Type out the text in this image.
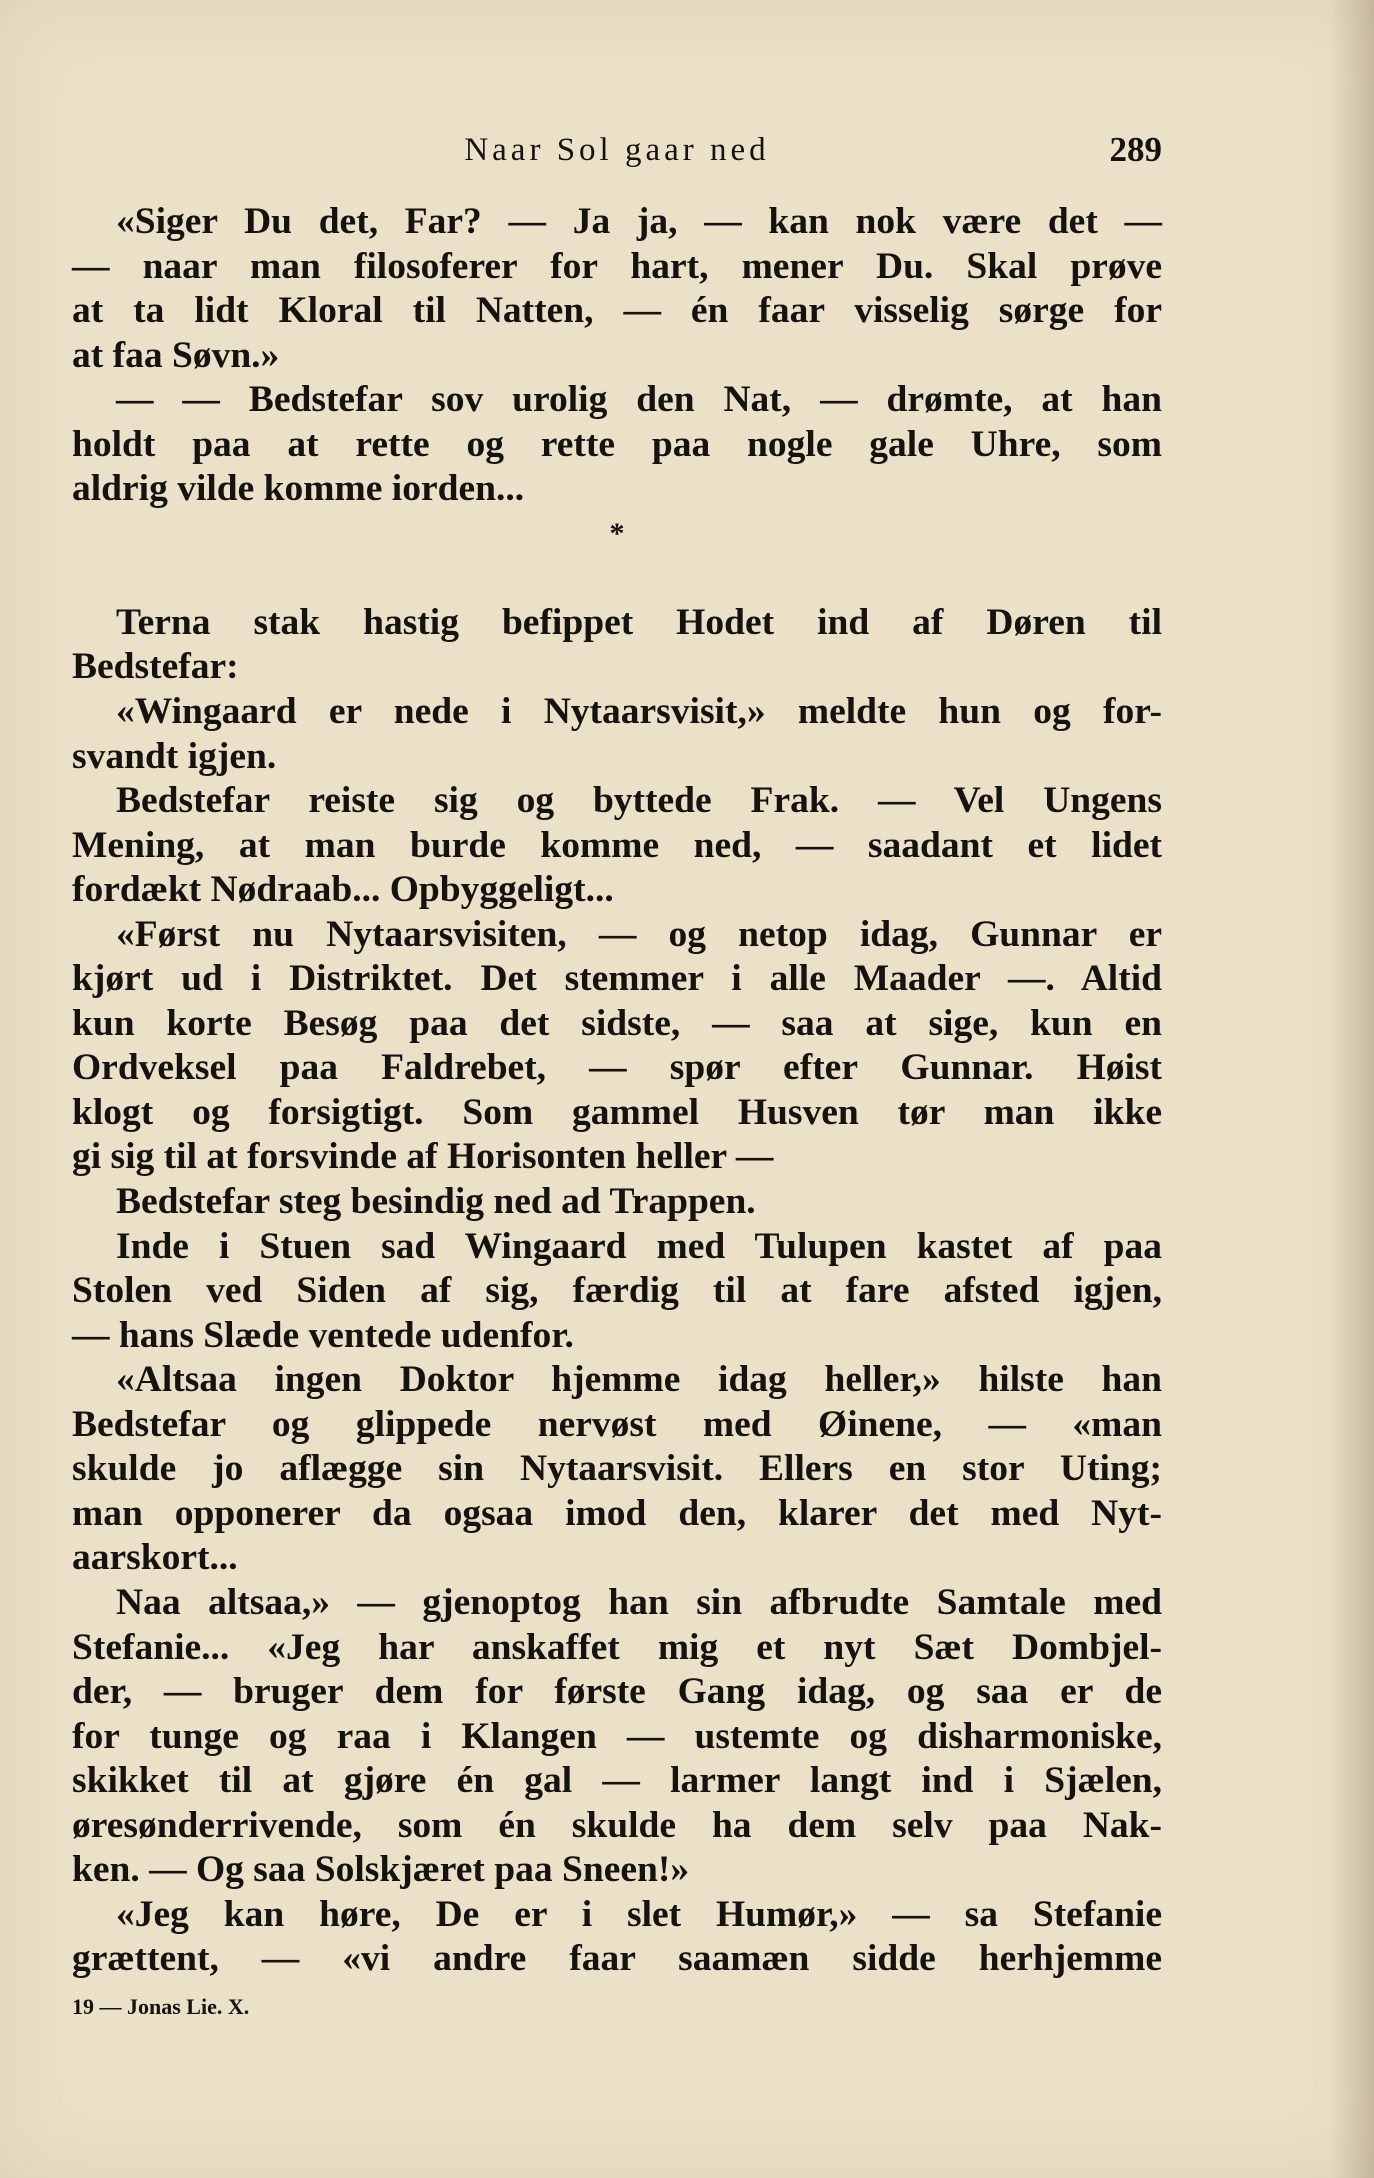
Naar Sol gaar ned	289
«Siger Du det, Far? — Ja ja, — kan nok være det —
— naar man filosoferer for hart, mener Du. Skal prøve
at ta lidt Kloral til Natten, — én faar visselig sørge for
at faa Søvn.»
— — Bedstefar sov urolig den Nat, — drømte, at han
holdt paa at rette og rette paa nogle gale Uhre, som
aldrig vilde komme iorden...
*
Terna stak hastig befippet Hodet ind af Døren til
Bedstefar:
«Wingaard er nede i Nytaarsvisit,» meldte hun og for-
svandt igjen.
Bedstefar reiste sig og byttede Frak. — Vel Ungens
Mening, at man burde komme ned, — saadant et lidet
fordækt Nødraab... Opbyggeligt...
«Først nu Nytaarsvisiten, — og netop idag, Gunnar er
kjørt ud i Distriktet. Det stemmer i alle Maader —. Altid
kun korte Besøg paa det sidste, — saa at sige, kun en
Ordveksel paa Faldrebet, — spør efter Gunnar. Høist
klogt og forsigtigt. Som gammel Husven tør man ikke
gi sig til at forsvinde af Horisonten heller —
Bedstefar steg besindig ned ad Trappen.
Inde i Stuen sad Wingaard med Tulupen kastet af paa
Stolen ved Siden af sig, færdig til at fare afsted igjen,
— hans Slæde ventede udenfor.
«Altsaa ingen Doktor hjemme idag heller,» hilste han
Bedstefar og glippede nervøst med Øinene, — «man
skulde jo aflægge sin Nytaarsvisit. Ellers en stor Uting;
man opponerer da ogsaa imod den, klarer det med Nyt-
aarskort...
Naa altsaa,» — gjenoptog han sin afbrudte Samtale med
Stefanie... «Jeg har anskaffet mig et nyt Sæt Dombjel-
der, — bruger dem for første Gang idag, og saa er de
for tunge og raa i Klangen — ustemte og disharmoniske,
skikket til at gjøre én gal — larmer langt ind i Sjælen,
øresønderrivende, som én skulde ha dem selv paa Nak-
ken. — Og saa Solskjæret paa Sneen!»
«Jeg kan høre, De er i slet Humør,» — sa Stefanie
grættent, — «vi andre faar saamæn sidde herhjemme
19 — Jonas Lie. X.
